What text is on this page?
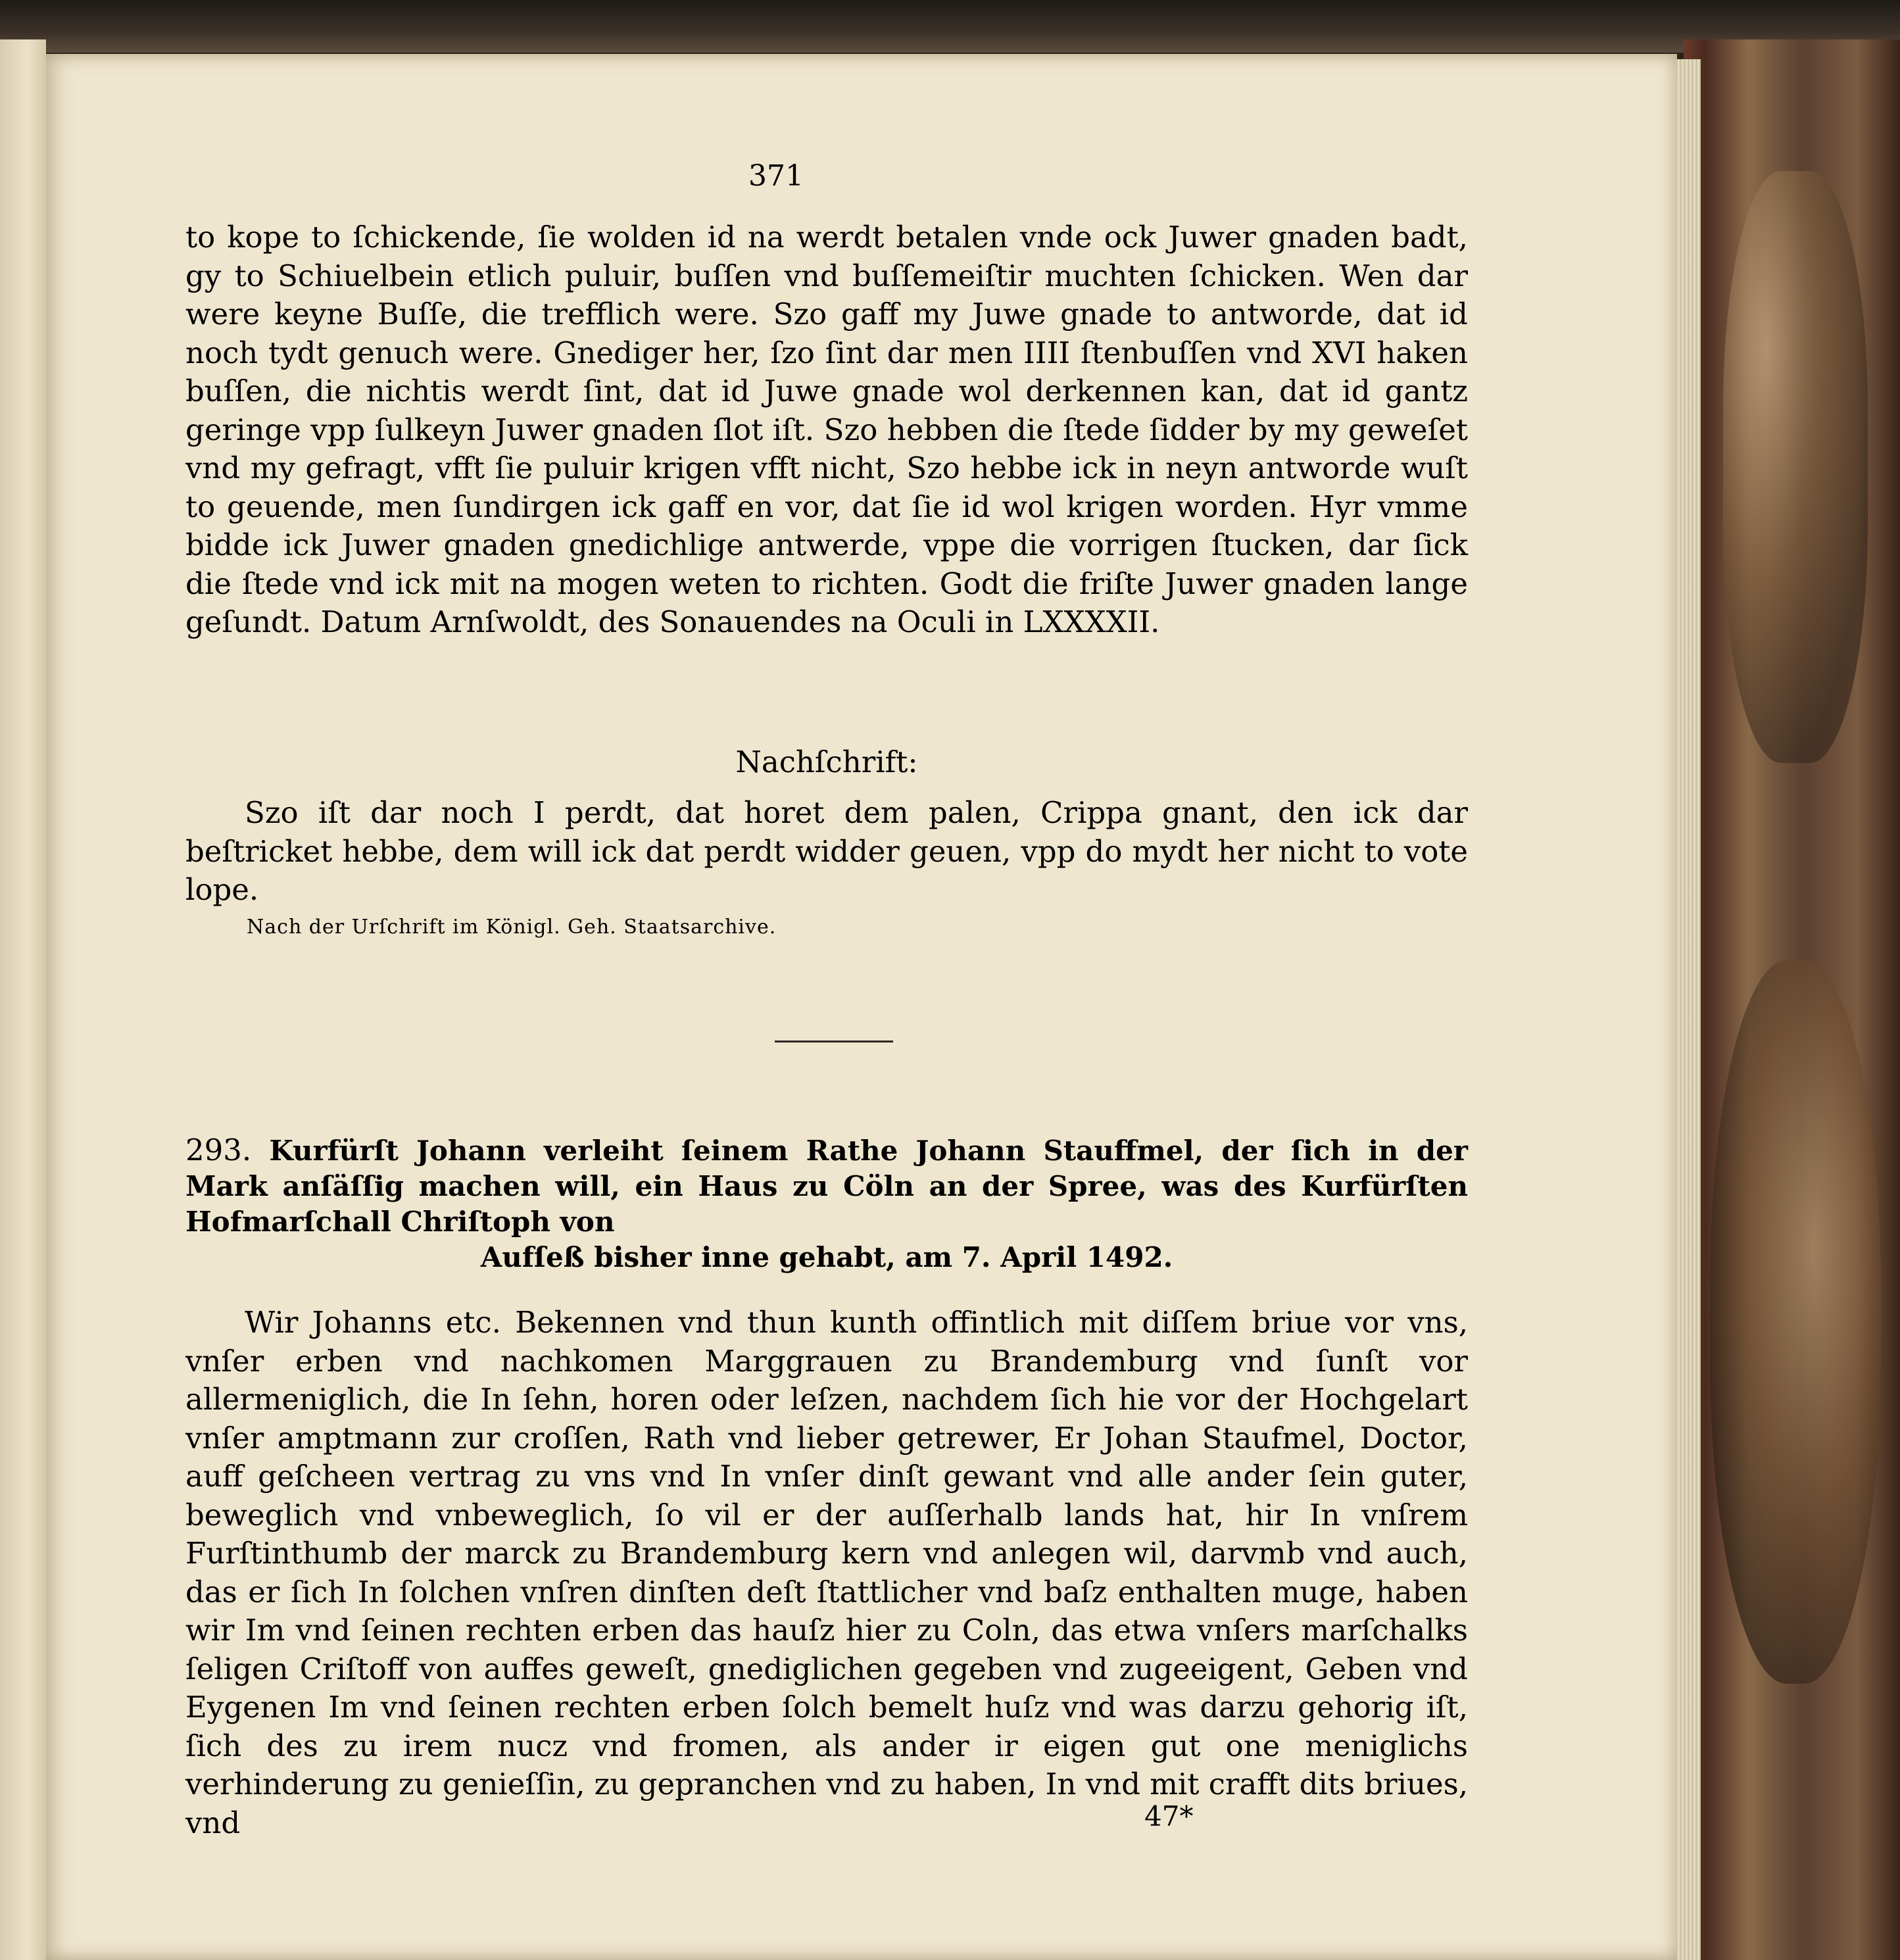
371

to kope to ſchickende, ſie wolden id na werdt betalen vnde ock Juwer gnaden badt, gy to Schiuelbein etlich puluir, buſſen vnd buſſemeiſtir muchten ſchicken. Wen dar were keyne Buſſe, die trefflich were. Szo gaff my Juwe gnade to antworde, dat id noch tydt genuch were. Gnediger her, ſzo ſint dar men IIII ſtenbuſſen vnd XVI haken buſſen, die nichtis werdt ſint, dat id Juwe gnade wol derkennen kan, dat id gantz geringe vpp ſulkeyn Juwer gnaden ſlot iſt. Szo hebben die ſtede ſidder by my geweſet vnd my gefragt, vfft ſie puluir krigen vfft nicht, Szo hebbe ick in neyn antworde wuſt to geuende, men ſundirgen ick gaff en vor, dat ſie id wol krigen worden. Hyr vmme bidde ick Juwer gnaden gnedichlige antwerde, vppe die vorrigen ſtucken, dar ſick die ſtede vnd ick mit na mogen weten to richten. Godt die friſte Juwer gnaden lange geſundt. Datum Arnſwoldt, des Sonauendes na Oculi in LXXXXII.

Nachſchrift:

Szo iſt dar noch I perdt, dat horet dem palen, Crippa gnant, den ick dar beſtricket hebbe, dem will ick dat perdt widder geuen, vpp do mydt her nicht to vote lope.

Nach der Urſchrift im Königl. Geh. Staatsarchive.
293. Kurfürſt Johann verleiht ſeinem Rathe Johann Stauffmel, der ſich in der Mark anſäſſig machen will, ein Haus zu Cöln an der Spree, was des Kurfürſten Hofmarſchall Chriſtoph von
Aufſeß bisher inne gehabt, am 7. April 1492.

Wir Johanns etc. Bekennen vnd thun kunth offintlich mit diſſem briue vor vns, vnſer erben vnd nachkomen Marggrauen zu Brandemburg vnd ſunſt vor allermeniglich, die In ſehn, horen oder leſzen, nachdem ſich hie vor der Hochgelart vnſer amptmann zur croſſen, Rath vnd lieber getrewer, Er Johan Staufmel, Doctor, auff geſcheen vertrag zu vns vnd In vnſer dinſt gewant vnd alle ander ſein guter, beweglich vnd vnbeweglich, ſo vil er der auſſerhalb lands hat, hir In vnſrem Furſtinthumb der marck zu Brandemburg kern vnd anlegen wil, darvmb vnd auch, das er ſich In ſolchen vnſren dinſten deſt ſtattlicher vnd baſz enthalten muge, haben wir Im vnd ſeinen rechten erben das hauſz hier zu Coln, das etwa vnſers marſchalks ſeligen Criſtoff von auffes geweſt, gnediglichen gegeben vnd zugeeigent, Geben vnd Eygenen Im vnd ſeinen rechten erben ſolch bemelt huſz vnd was darzu gehorig iſt, ſich des zu irem nucz vnd fromen, als ander ir eigen gut one meniglichs verhinderung zu genieſſin, zu gepranchen vnd zu haben, In vnd mit crafft dits briues, vnd	47*
